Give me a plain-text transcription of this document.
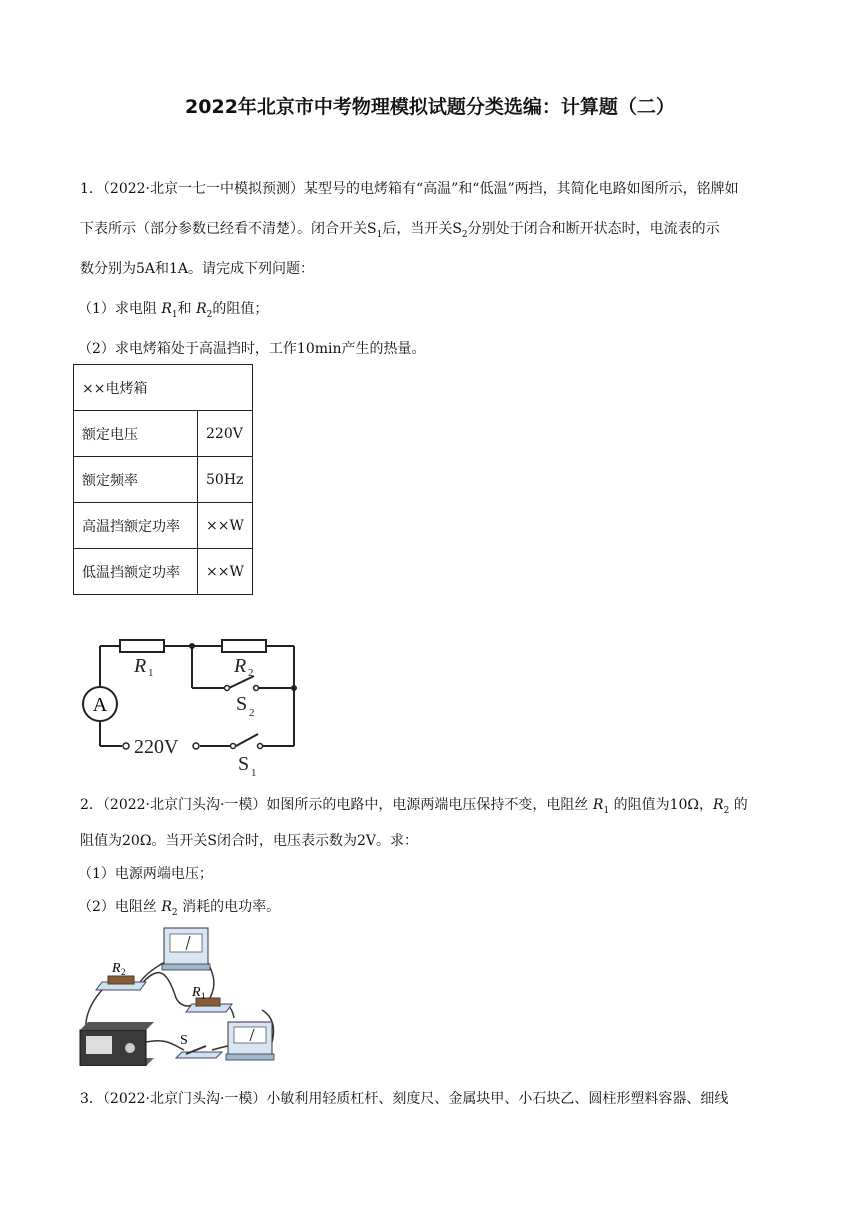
2022年北京市中考物理模拟试题分类选编：计算题（二）
1．（2022·北京一七一中模拟预测）某型号的电烤箱有“高温”和“低温”两挡，其简化电路如图所示，铭牌如
下表所示（部分参数已经看不清楚）。闭合开关$S_1$后，当开关$S_2$分别处于闭合和断开状态时，电流表的示
数分别为5A和1A。请完成下列问题：
（1）求电阻 $R_1$和 $R_2$的阻值；
（2）求电烤箱处于高温挡时，工作10min产生的热量。
××电烤箱	
额定电压	220V
额定频率	50Hz
高温挡额定功率	××W
低温挡额定功率	××W
A
R 1	R 2
220V
S 2
S 1
2．（2022·北京门头沟·一模）如图所示的电路中，电源两端电压保持不变，电阻丝 $R_1$ 的阻值为10Ω，$R_2$ 的
阻值为20Ω。当开关S闭合时，电压表示数为2V。求：
（1）电源两端电压；
（2）电阻丝 $R_2$ 消耗的电功率。
R 2
R 1
S
3．（2022·北京门头沟·一模）小敏利用轻质杠杆、刻度尺、金属块甲、小石块乙、圆柱形塑料容器、细线
